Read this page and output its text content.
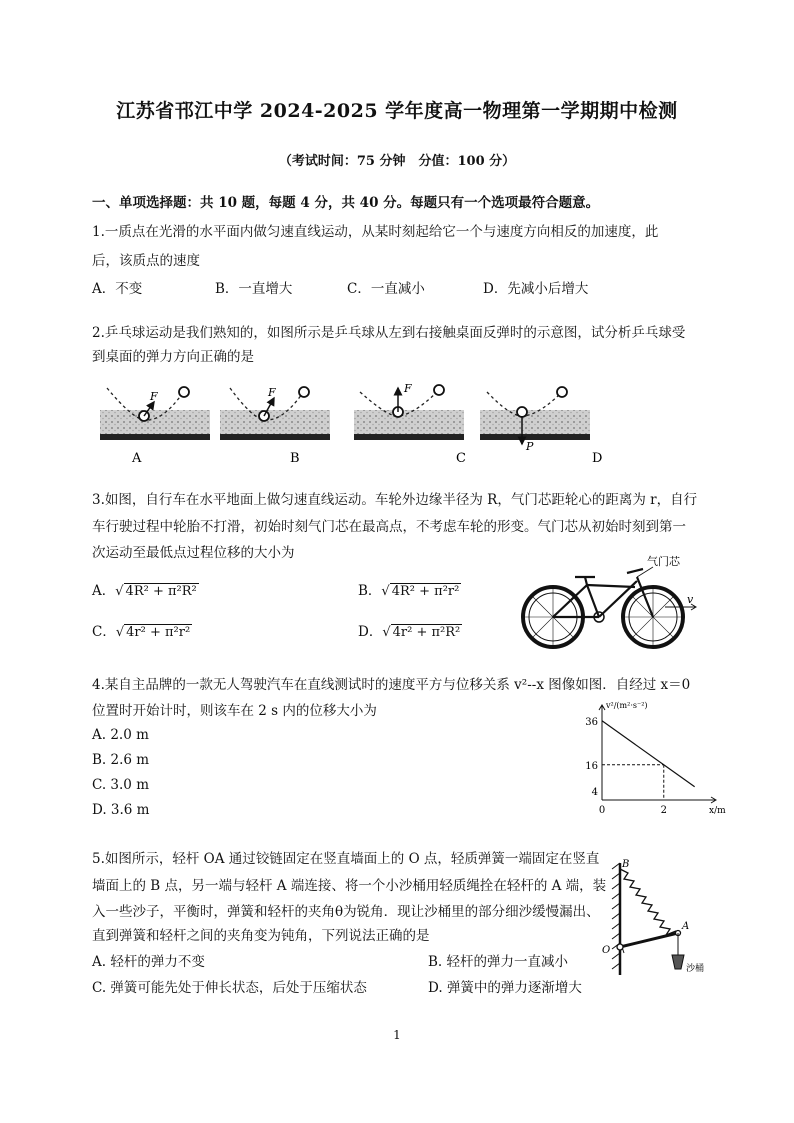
江苏省邗江中学 2024-2025 学年度高一物理第一学期期中检测
（考试时间：75 分钟　分值：100 分）
一、单项选择题：共 10 题，每题 4 分，共 40 分。每题只有一个选项最符合题意。
1.一质点在光滑的水平面内做匀速直线运动，从某时刻起给它一个与速度方向相反的加速度，此
后，该质点的速度
A．不变	B．一直增大	C．一直减小	D．先减小后增大
2.乒乓球运动是我们熟知的，如图所示是乒乓球从左到右接触桌面反弹时的示意图，试分析乒乓球受
到桌面的弹力方向正确的是
F	F	F
P
A	B	C	D
3.如图，自行车在水平地面上做匀速直线运动。车轮外边缘半径为 R，气门芯距轮心的距离为 r，自行
车行驶过程中轮胎不打滑，初始时刻气门芯在最高点，不考虑车轮的形变。气门芯从初始时刻到第一
次运动至最低点过程位移的大小为
A．√ 4R² + π²R²	B．√ 4R² + π²r²
C．√ 4r² + π²r²	D．√ 4r² + π²R²
气门芯
v
4.某自主品牌的一款无人驾驶汽车在直线测试时的速度平方与位移关系 v²--x 图像如图．自经过 x＝0
位置时开始计时，则该车在 2 s 内的位移大小为
A. 2.0 m
B. 2.6 m
C. 3.0 m
D. 3.6 m
36
16
4
0	2
v²/(m²·s⁻²)
x/m
5.如图所示，轻杆 OA 通过铰链固定在竖直墙面上的 O 点，轻质弹簧一端固定在竖直
墙面上的 B 点，另一端与轻杆 A 端连接、将一个小沙桶用轻质绳拴在轻杆的 A 端，装
入一些沙子，平衡时，弹簧和轻杆的夹角θ为锐角．现让沙桶里的部分细沙缓慢漏出、
直到弹簧和轻杆之间的夹角变为钝角，下列说法正确的是
A. 轻杆的弹力不变	B. 轻杆的弹力一直减小
C. 弹簧可能先处于伸长状态，后处于压缩状态	D. 弹簧中的弹力逐渐增大
B
O
A
沙桶
1
